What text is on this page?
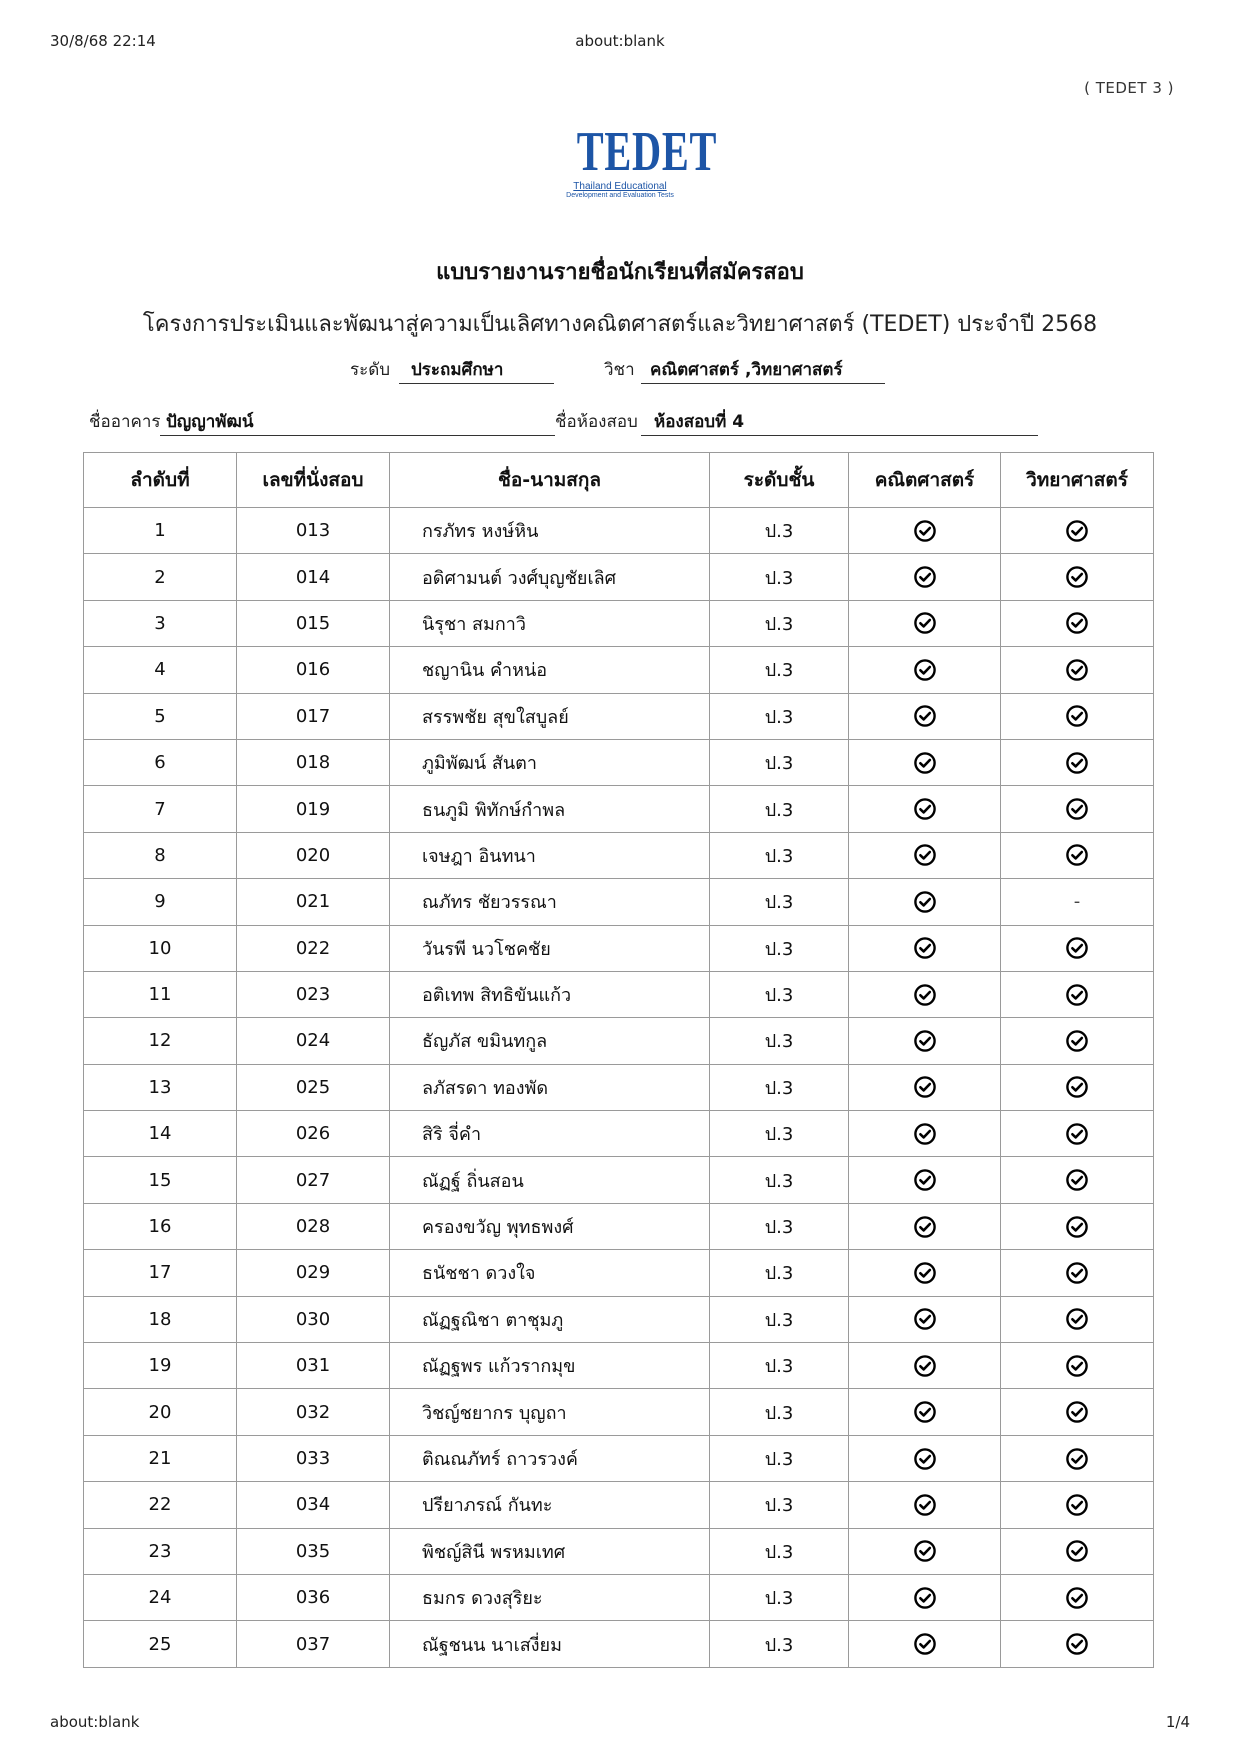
30/8/68 22:14	about:blank
( TEDET 3 )
TEDET
Thailand Educational
Development and Evaluation Tests
แบบรายงานรายชื่อนักเรียนที่สมัครสอบ
โครงการประเมินและพัฒนาสู่ความเป็นเลิศทางคณิตศาสตร์และวิทยาศาสตร์ (TEDET) ประจำปี 2568
ระดับ ประถมศึกษา	วิชา คณิตศาสตร์ ,วิทยาศาสตร์
ชื่ออาคาร ปัญญาพัฒน์	ชื่อห้องสอบ ห้องสอบที่ 4
ลำดับที่	เลขที่นั่งสอบ	ชื่อ-นามสกุล	ระดับชั้น	คณิตศาสตร์	วิทยาศาสตร์
1	013	กรภัทร หงษ์หิน	ป.3		
2	014	อดิศามนต์ วงศ์บุญชัยเลิศ	ป.3		
3	015	นิรุชา สมกาวิ	ป.3		
4	016	ชญานิน คำหน่อ	ป.3		
5	017	สรรพชัย สุขใสบูลย์	ป.3		
6	018	ภูมิพัฒน์ สันตา	ป.3		
7	019	ธนภูมิ พิทักษ์กำพล	ป.3		
8	020	เจษฎา อินทนา	ป.3		
9	021	ณภัทร ชัยวรรณา	ป.3		-
10	022	วันรพี นวโชคชัย	ป.3		
11	023	อติเทพ สิทธิขันแก้ว	ป.3		
12	024	ธัญภัส ขมินทกูล	ป.3		
13	025	ลภัสรดา ทองพัด	ป.3		
14	026	สิริ จี่คำ	ป.3		
15	027	ณัฏฐ์ ถิ่นสอน	ป.3		
16	028	ครองขวัญ พุทธพงศ์	ป.3		
17	029	ธนัชชา ดวงใจ	ป.3		
18	030	ณัฏฐณิชา ตาชุมภู	ป.3		
19	031	ณัฏฐพร แก้วรากมุข	ป.3		
20	032	วิชญ์ชยากร บุญถา	ป.3		
21	033	ติณณภัทร์ ถาวรวงค์	ป.3		
22	034	ปรียาภรณ์ กันทะ	ป.3		
23	035	พิชญ์สินี พรหมเทศ	ป.3		
24	036	ธมกร ดวงสุริยะ	ป.3		
25	037	ณัฐชนน นาเสงี่ยม	ป.3		
about:blank	1/4
